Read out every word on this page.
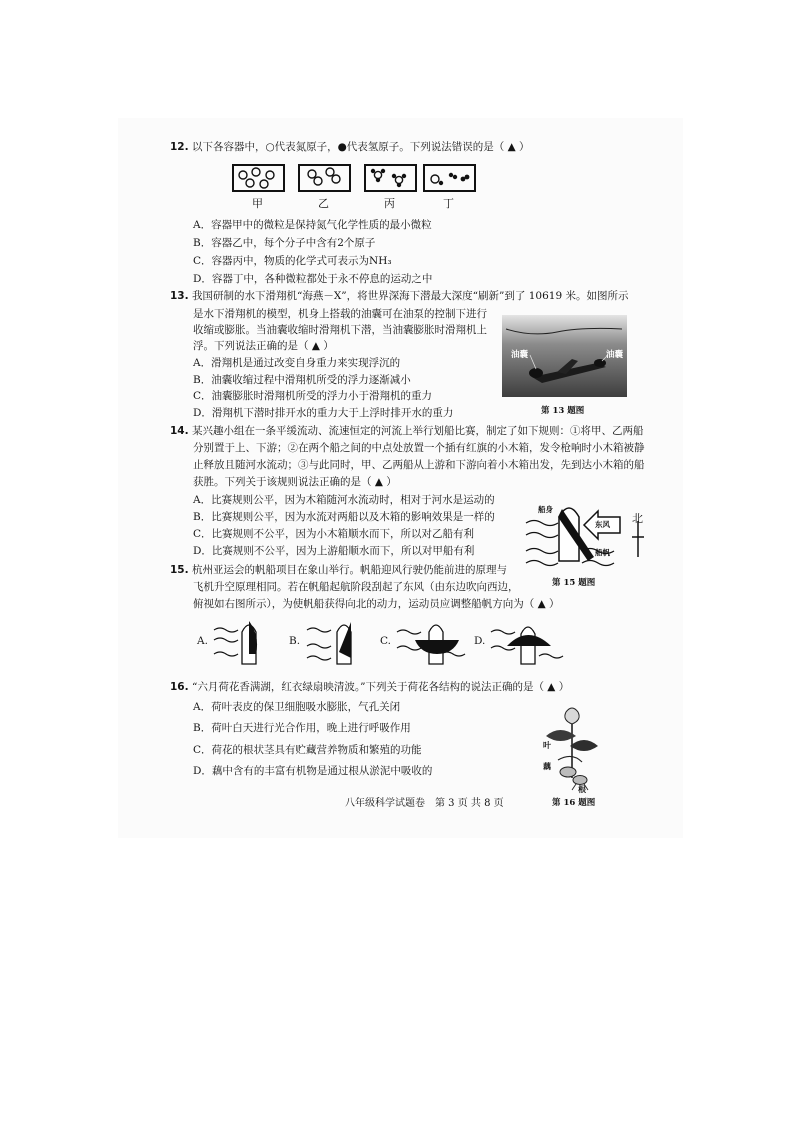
12. 以下各容器中，○代表氮原子，●代表氢原子。下列说法错误的是（ ▲ ）
甲	乙	丙	丁
A．容器甲中的微粒是保持氮气化学性质的最小微粒
B．容器乙中，每个分子中含有2个原子
C．容器丙中，物质的化学式可表示为NH₃
D．容器丁中，各种微粒都处于永不停息的运动之中
13. 我国研制的水下滑翔机“海燕－X”，将世界深海下潜最大深度“刷新”到了 10619 米。如图所示
是水下滑翔机的模型，机身上搭载的油囊可在油泵的控制下进行
收缩或膨胀。当油囊收缩时滑翔机下潜，当油囊膨胀时滑翔机上
浮。下列说法正确的是（ ▲ ）
A．滑翔机是通过改变自身重力来实现浮沉的
B．油囊收缩过程中滑翔机所受的浮力逐渐减小
C．油囊膨胀时滑翔机所受的浮力小于滑翔机的重力
D．滑翔机下潜时排开水的重力大于上浮时排开水的重力
油囊	油囊
第 13 题图
14. 某兴趣小组在一条平缓流动、流速恒定的河流上举行划船比赛，制定了如下规则：①将甲、乙两船
分别置于上、下游；②在两个船之间的中点处放置一个插有红旗的小木箱，发令枪响时小木箱被静
止释放且随河水流动；③与此同时，甲、乙两船从上游和下游向着小木箱出发，先到达小木箱的船
获胜。下列关于该规则说法正确的是（ ▲ ）
A．比赛规则公平，因为木箱随河水流动时，相对于河水是运动的
B．比赛规则公平，因为水流对两船以及木箱的影响效果是一样的
C．比赛规则不公平，因为小木箱顺水而下，所以对乙船有利
D．比赛规则不公平，因为上游船顺水而下，所以对甲船有利
船身
东风
船帆
北
第 15 题图
15. 杭州亚运会的帆船项目在象山举行。帆船迎风行驶仍能前进的原理与
飞机升空原理相同。若在帆船起航阶段刮起了东风（由东边吹向西边，
俯视如右图所示），为使帆船获得向北的动力，运动员应调整船帆方向为（ ▲ ）
A.	B.	C.	D.
16. “六月荷花香满湖，红衣绿扇映清波。”下列关于荷花各结构的说法正确的是（ ▲ ）
A．荷叶表皮的保卫细胞吸水膨胀，气孔关闭
B．荷叶白天进行光合作用，晚上进行呼吸作用
C．荷花的根状茎具有贮藏营养物质和繁殖的功能
D．藕中含有的丰富有机物是通过根从淤泥中吸收的
叶
藕
根
第 16 题图
八年级科学试题卷　第 3 页 共 8 页
